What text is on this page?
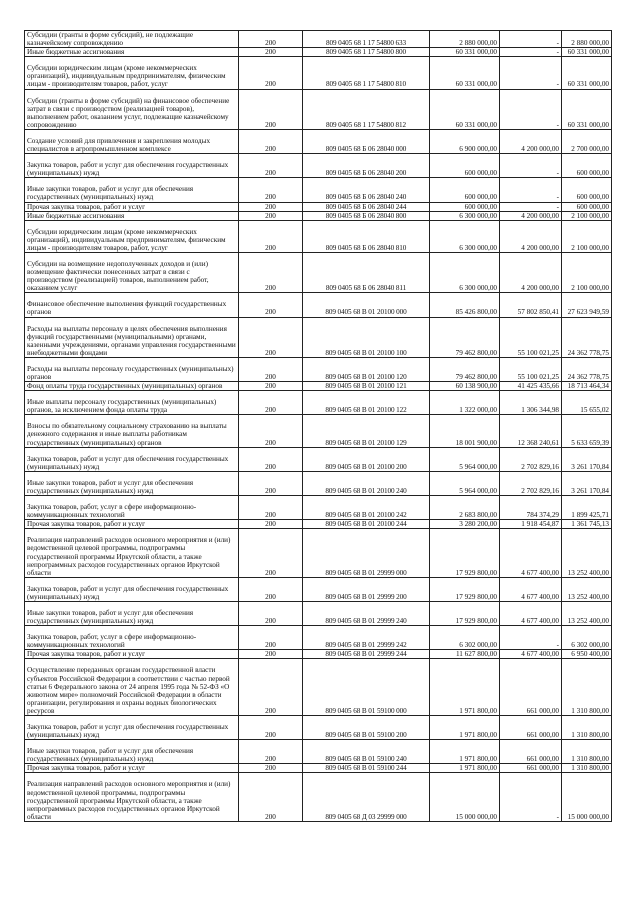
Субсидии (гранты в форме субсидий), не подлежащие казначейскому сопровождению	200	809 0405 68 1 17 54800 633	2 880 000,00	-	2 880 000,00
Иные бюджетные ассигнования	200	809 0405 68 1 17 54800 800	60 331 000,00	-	60 331 000,00
Субсидии юридическим лицам (кроме некоммерческих организаций), индивидуальным предпринимателям, физическим лицам - производителям товаров, работ, услуг	200	809 0405 68 1 17 54800 810	60 331 000,00	-	60 331 000,00
Субсидии (гранты в форме субсидий) на финансовое обеспечение затрат в связи с производством (реализацией товаров), выполнением работ, оказанием услуг, подлежащие казначейскому сопровождению	200	809 0405 68 1 17 54800 812	60 331 000,00	-	60 331 000,00
Создание условий для привлечения и закрепления молодых специалистов в агропромышленном комплексе	200	809 0405 68 Б 06 28040 000	6 900 000,00	4 200 000,00	2 700 000,00
Закупка товаров, работ и услуг для обеспечения государственных (муниципальных) нужд	200	809 0405 68 Б 06 28040 200	600 000,00	-	600 000,00
Иные закупки товаров, работ и услуг для обеспечения государственных (муниципальных) нужд	200	809 0405 68 Б 06 28040 240	600 000,00	-	600 000,00
Прочая закупка товаров, работ и услуг	200	809 0405 68 Б 06 28040 244	600 000,00	-	600 000,00
Иные бюджетные ассигнования	200	809 0405 68 Б 06 28040 800	6 300 000,00	4 200 000,00	2 100 000,00
Субсидии юридическим лицам (кроме некоммерческих организаций), индивидуальным предпринимателям, физическим лицам - производителям товаров, работ, услуг	200	809 0405 68 Б 06 28040 810	6 300 000,00	4 200 000,00	2 100 000,00
Субсидии на возмещение недополученных доходов и (или) возмещение фактически понесенных затрат в связи с производством (реализацией) товаров, выполнением работ, оказанием услуг	200	809 0405 68 Б 06 28040 811	6 300 000,00	4 200 000,00	2 100 000,00
Финансовое обеспечение выполнения функций государственных органов	200	809 0405 68 В 01 20100 000	85 426 800,00	57 802 850,41	27 623 949,59
Расходы на выплаты персоналу в целях обеспечения выполнения функций государственными (муниципальными) органами, казенными учреждениями, органами управления государственными внебюджетными фондами	200	809 0405 68 В 01 20100 100	79 462 800,00	55 100 021,25	24 362 778,75
Расходы на выплаты персоналу государственных (муниципальных) органов	200	809 0405 68 В 01 20100 120	79 462 800,00	55 100 021,25	24 362 778,75
Фонд оплаты труда государственных (муниципальных) органов	200	809 0405 68 В 01 20100 121	60 138 900,00	41 425 435,66	18 713 464,34
Иные выплаты персоналу государственных (муниципальных) органов, за исключением фонда оплаты труда	200	809 0405 68 В 01 20100 122	1 322 000,00	1 306 344,98	15 655,02
Взносы по обязательному социальному страхованию на выплаты денежного содержания и иные выплаты работникам государственных (муниципальных) органов	200	809 0405 68 В 01 20100 129	18 001 900,00	12 368 240,61	5 633 659,39
Закупка товаров, работ и услуг для обеспечения государственных (муниципальных) нужд	200	809 0405 68 В 01 20100 200	5 964 000,00	2 702 829,16	3 261 170,84
Иные закупки товаров, работ и услуг для обеспечения государственных (муниципальных) нужд	200	809 0405 68 В 01 20100 240	5 964 000,00	2 702 829,16	3 261 170,84
Закупка товаров, работ, услуг в сфере информационно-коммуникационных технологий	200	809 0405 68 В 01 20100 242	2 683 800,00	784 374,29	1 899 425,71
Прочая закупка товаров, работ и услуг	200	809 0405 68 В 01 20100 244	3 280 200,00	1 918 454,87	1 361 745,13
Реализация направлений расходов основного мероприятия и (или) ведомственной целевой программы, подпрограммы государственной программы Иркутской области, а также непрограммных расходов государственных органов Иркутской области	200	809 0405 68 В 01 29999 000	17 929 800,00	4 677 400,00	13 252 400,00
Закупка товаров, работ и услуг для обеспечения государственных (муниципальных) нужд	200	809 0405 68 В 01 29999 200	17 929 800,00	4 677 400,00	13 252 400,00
Иные закупки товаров, работ и услуг для обеспечения государственных (муниципальных) нужд	200	809 0405 68 В 01 29999 240	17 929 800,00	4 677 400,00	13 252 400,00
Закупка товаров, работ, услуг в сфере информационно-коммуникационных технологий	200	809 0405 68 В 01 29999 242	6 302 000,00	-	6 302 000,00
Прочая закупка товаров, работ и услуг	200	809 0405 68 В 01 29999 244	11 627 800,00	4 677 400,00	6 950 400,00
Осуществление переданных органам государственной власти субъектов Российской Федерации в соответствии с частью первой статьи 6 Федерального закона от 24 апреля 1995 года № 52-ФЗ «О животном мире» полномочий Российской Федерации в области организации, регулирования и охраны водных биологических ресурсов	200	809 0405 68 В 01 59100 000	1 971 800,00	661 000,00	1 310 800,00
Закупка товаров, работ и услуг для обеспечения государственных (муниципальных) нужд	200	809 0405 68 В 01 59100 200	1 971 800,00	661 000,00	1 310 800,00
Иные закупки товаров, работ и услуг для обеспечения государственных (муниципальных) нужд	200	809 0405 68 В 01 59100 240	1 971 800,00	661 000,00	1 310 800,00
Прочая закупка товаров, работ и услуг	200	809 0405 68 В 01 59100 244	1 971 800,00	661 000,00	1 310 800,00
Реализация направлений расходов основного мероприятия и (или) ведомственной целевой программы, подпрограммы государственной программы Иркутской области, а также непрограммных расходов государственных органов Иркутской области	200	809 0405 68 Д 03 29999 000	15 000 000,00	-	15 000 000,00
